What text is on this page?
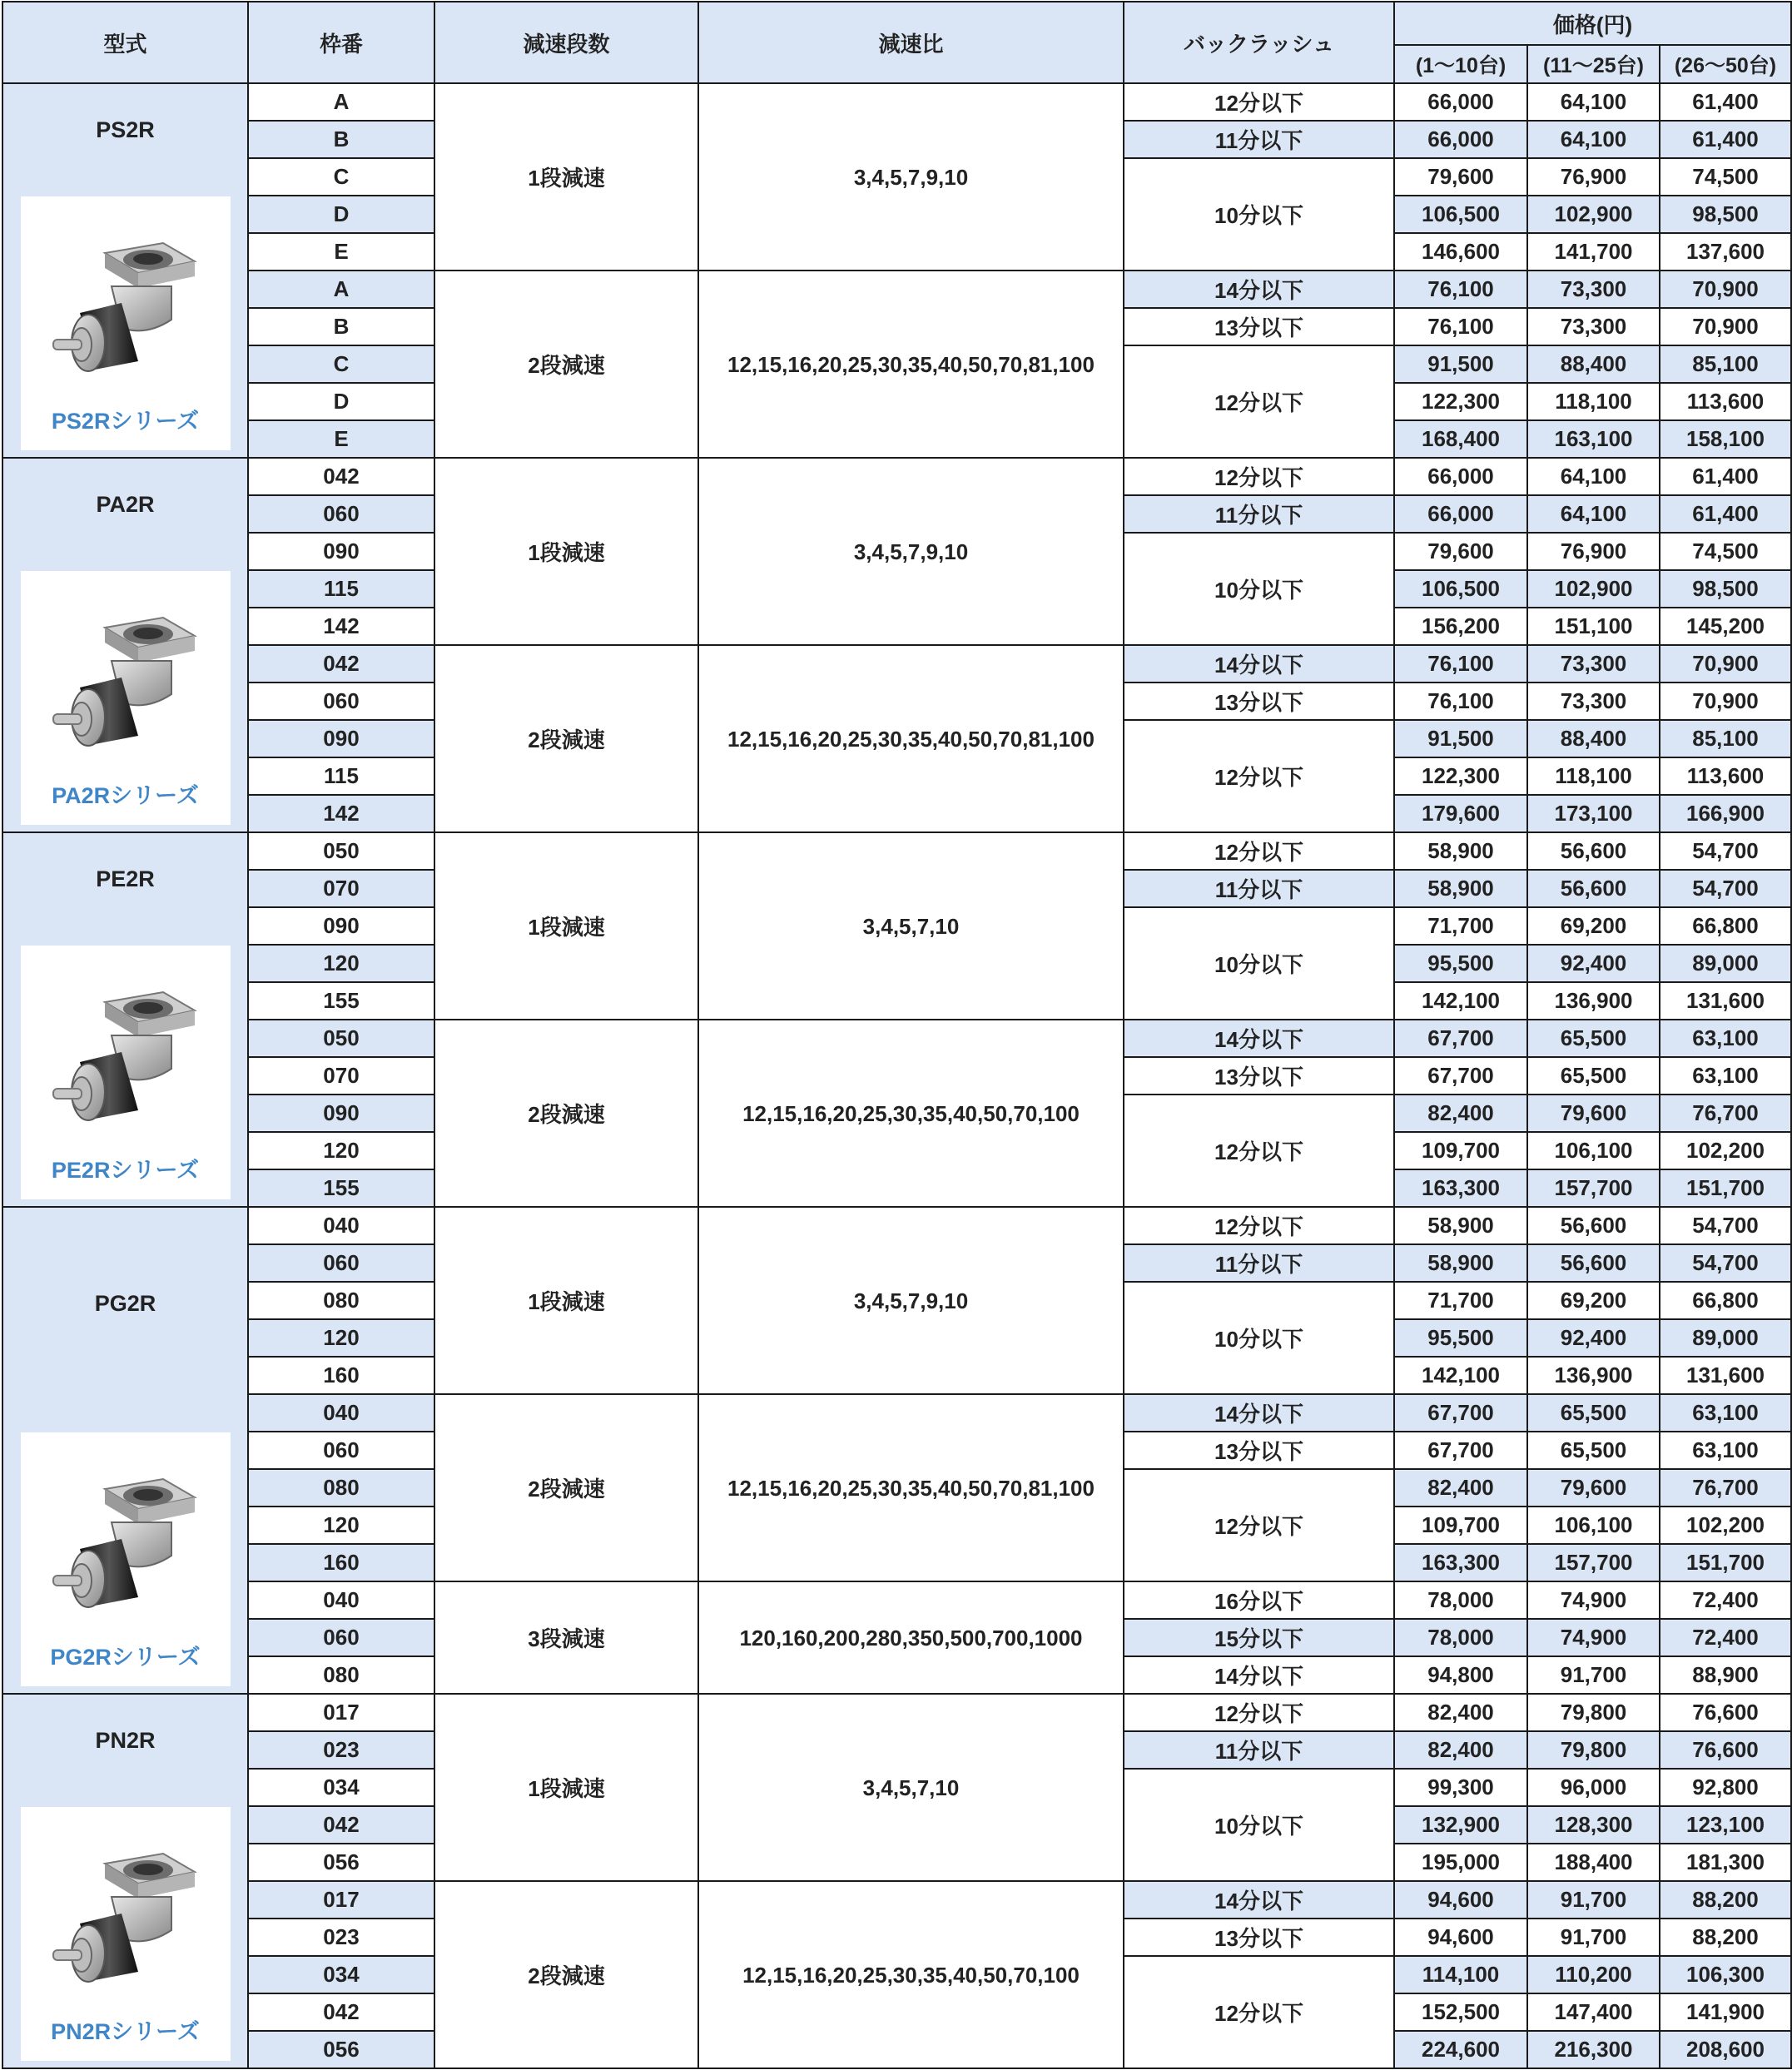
型式	枠番	減速段数	減速比	バックラッシュ	価格(円)		
					(1〜10台)	(11〜25台)	(26〜50台)

PS2R
PS2Rシリーズ	A	1段減速	3,4,5,7,9,10	12分以下	66,000	64,100	61,400
	B			11分以下	66,000	64,100	61,400
	C			10分以下	79,600	76,900	74,500
	D				106,500	102,900	98,500
	E				146,600	141,700	137,600
	A	2段減速	12,15,16,20,25,30,35,40,50,70,81,100	14分以下	76,100	73,300	70,900
	B			13分以下	76,100	73,300	70,900
	C			12分以下	91,500	88,400	85,100
	D				122,300	118,100	113,600
	E				168,400	163,100	158,100

PA2R
PA2Rシリーズ	042	1段減速	3,4,5,7,9,10	12分以下	66,000	64,100	61,400
	060			11分以下	66,000	64,100	61,400
	090			10分以下	79,600	76,900	74,500
	115				106,500	102,900	98,500
	142				156,200	151,100	145,200
	042	2段減速	12,15,16,20,25,30,35,40,50,70,81,100	14分以下	76,100	73,300	70,900
	060			13分以下	76,100	73,300	70,900
	090			12分以下	91,500	88,400	85,100
	115				122,300	118,100	113,600
	142				179,600	173,100	166,900

PE2R
PE2Rシリーズ	050	1段減速	3,4,5,7,10	12分以下	58,900	56,600	54,700
	070			11分以下	58,900	56,600	54,700
	090			10分以下	71,700	69,200	66,800
	120				95,500	92,400	89,000
	155				142,100	136,900	131,600
	050	2段減速	12,15,16,20,25,30,35,40,50,70,100	14分以下	67,700	65,500	63,100
	070			13分以下	67,700	65,500	63,100
	090			12分以下	82,400	79,600	76,700
	120				109,700	106,100	102,200
	155				163,300	157,700	151,700

PG2R
PG2Rシリーズ	040	1段減速	3,4,5,7,9,10	12分以下	58,900	56,600	54,700
	060			11分以下	58,900	56,600	54,700
	080			10分以下	71,700	69,200	66,800
	120				95,500	92,400	89,000
	160				142,100	136,900	131,600
	040	2段減速	12,15,16,20,25,30,35,40,50,70,81,100	14分以下	67,700	65,500	63,100
	060			13分以下	67,700	65,500	63,100
	080			12分以下	82,400	79,600	76,700
	120				109,700	106,100	102,200
	160				163,300	157,700	151,700
	040	3段減速	120,160,200,280,350,500,700,1000	16分以下	78,000	74,900	72,400
	060			15分以下	78,000	74,900	72,400
	080			14分以下	94,800	91,700	88,900

PN2R
PN2Rシリーズ	017	1段減速	3,4,5,7,10	12分以下	82,400	79,800	76,600
	023			11分以下	82,400	79,800	76,600
	034			10分以下	99,300	96,000	92,800
	042				132,900	128,300	123,100
	056				195,000	188,400	181,300
	017	2段減速	12,15,16,20,25,30,35,40,50,70,100	14分以下	94,600	91,700	88,200
	023			13分以下	94,600	91,700	88,200
	034			12分以下	114,100	110,200	106,300
	042				152,500	147,400	141,900
	056				224,600	216,300	208,600
